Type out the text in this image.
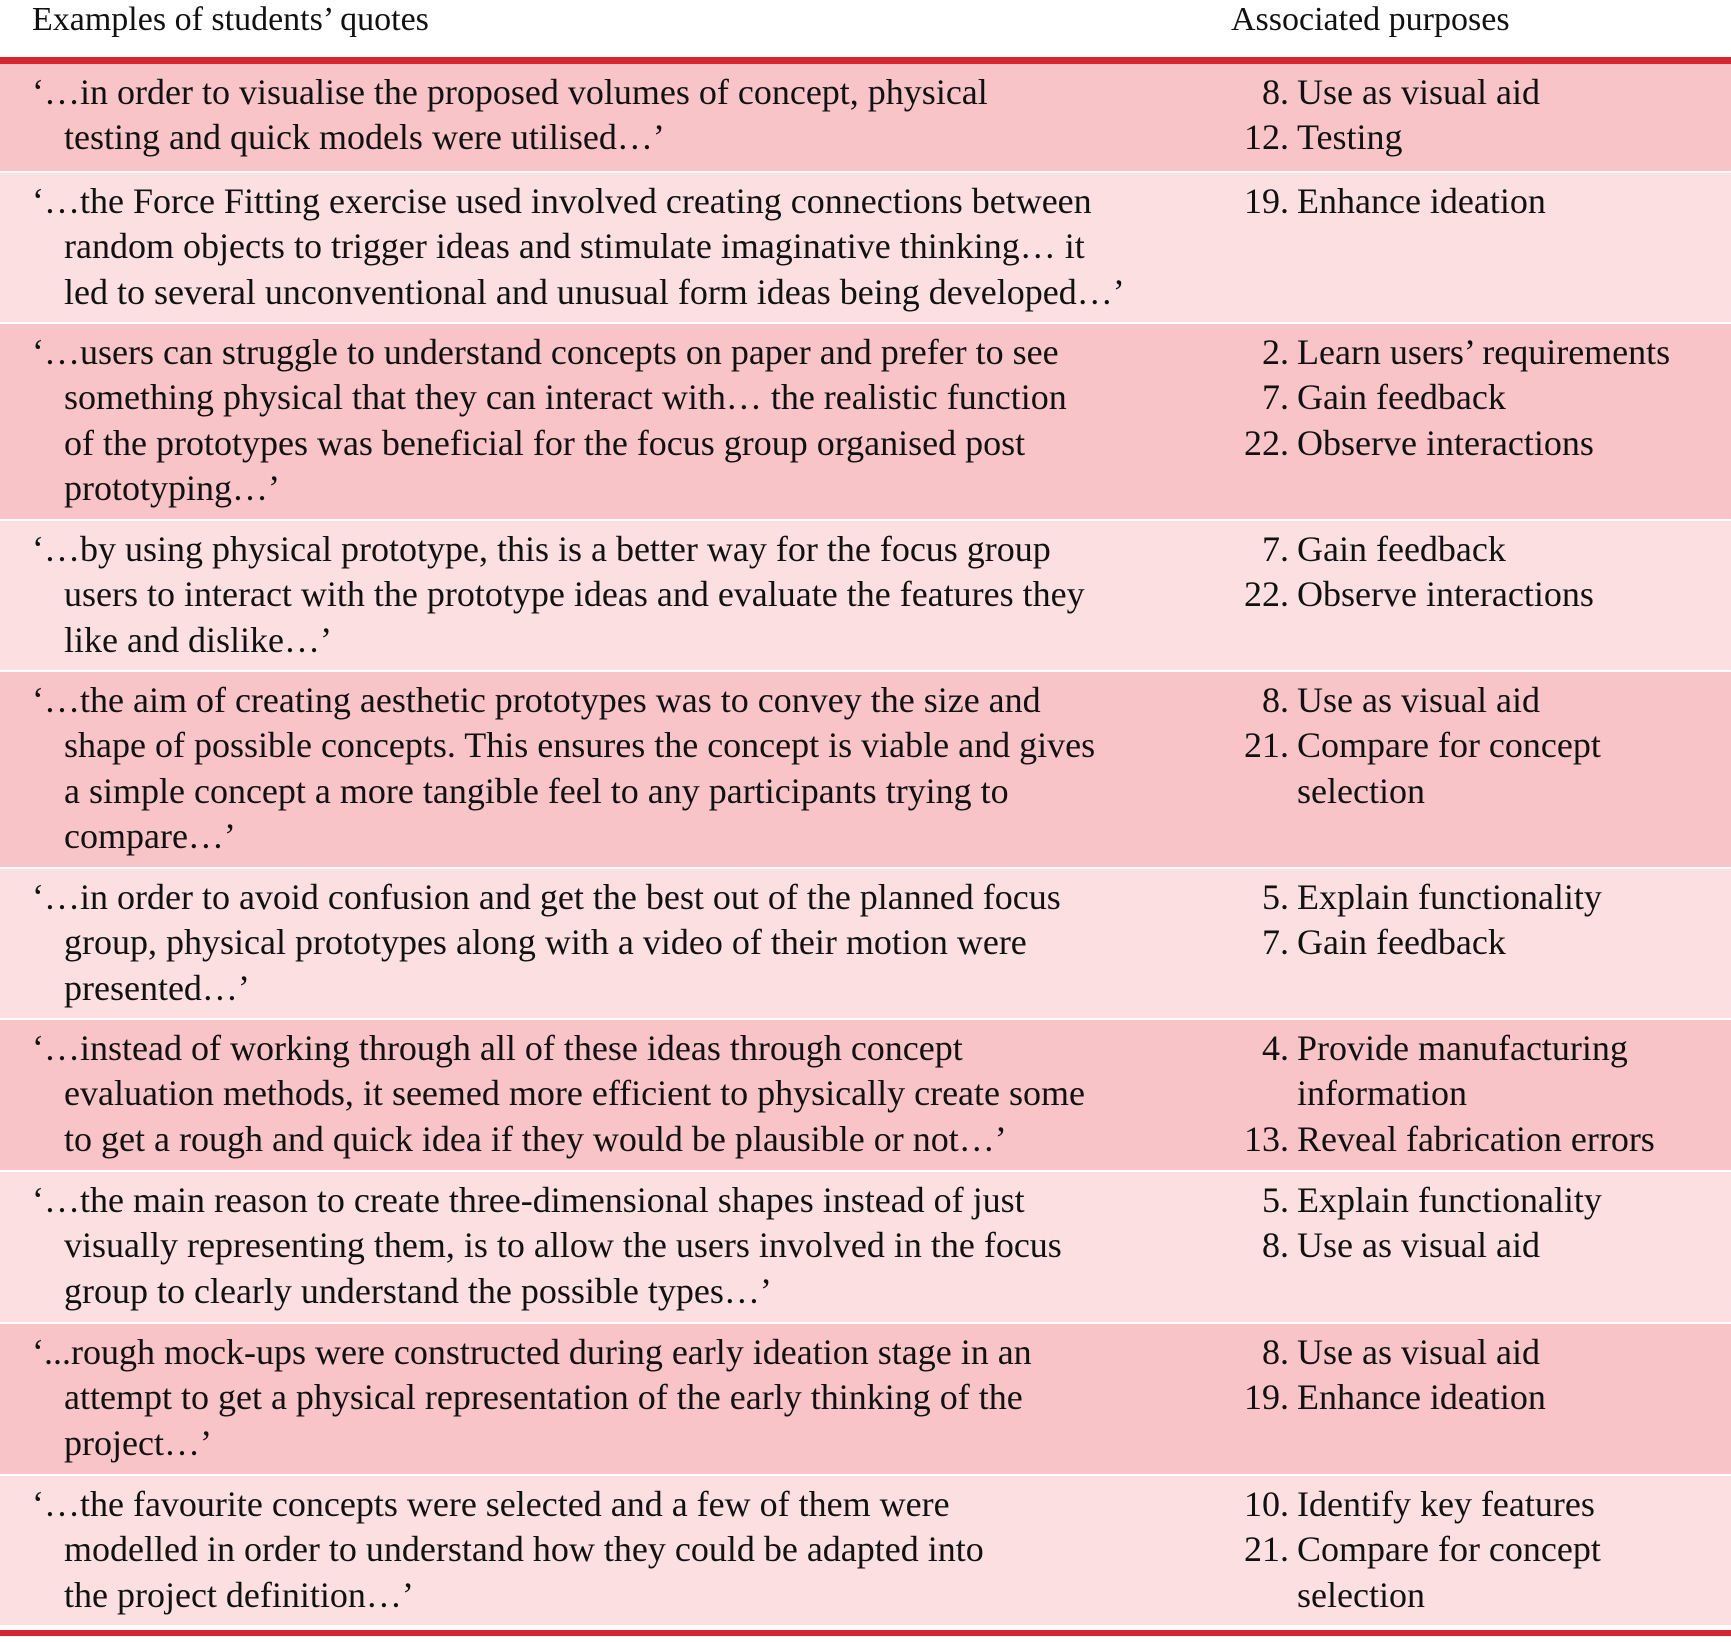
Examples of students’ quotes	Associated purposes
‘…in order to visualise the proposed volumes of concept, physical
testing and quick models were utilised…’
8. Use as visual aid
12. Testing
‘…the Force Fitting exercise used involved creating connections between
random objects to trigger ideas and stimulate imaginative thinking… it
led to several unconventional and unusual form ideas being developed…’
19. Enhance ideation
‘…users can struggle to understand concepts on paper and prefer to see
something physical that they can interact with… the realistic function
of the prototypes was beneficial for the focus group organised post
prototyping…’
2. Learn users’ requirements
7. Gain feedback
22. Observe interactions
‘…by using physical prototype, this is a better way for the focus group
users to interact with the prototype ideas and evaluate the features they
like and dislike…’
7. Gain feedback
22. Observe interactions
‘…the aim of creating aesthetic prototypes was to convey the size and
shape of possible concepts. This ensures the concept is viable and gives
a simple concept a more tangible feel to any participants trying to
compare…’
8. Use as visual aid
21. Compare for concept
selection
‘…in order to avoid confusion and get the best out of the planned focus
group, physical prototypes along with a video of their motion were
presented…’
5. Explain functionality
7. Gain feedback
‘…instead of working through all of these ideas through concept
evaluation methods, it seemed more efficient to physically create some
to get a rough and quick idea if they would be plausible or not…’
4. Provide manufacturing
information
13. Reveal fabrication errors
‘…the main reason to create three-dimensional shapes instead of just
visually representing them, is to allow the users involved in the focus
group to clearly understand the possible types…’
5. Explain functionality
8. Use as visual aid
‘...rough mock-ups were constructed during early ideation stage in an
attempt to get a physical representation of the early thinking of the
project…’
8. Use as visual aid
19. Enhance ideation
‘…the favourite concepts were selected and a few of them were
modelled in order to understand how they could be adapted into
the project definition…’
10. Identify key features
21. Compare for concept
selection
